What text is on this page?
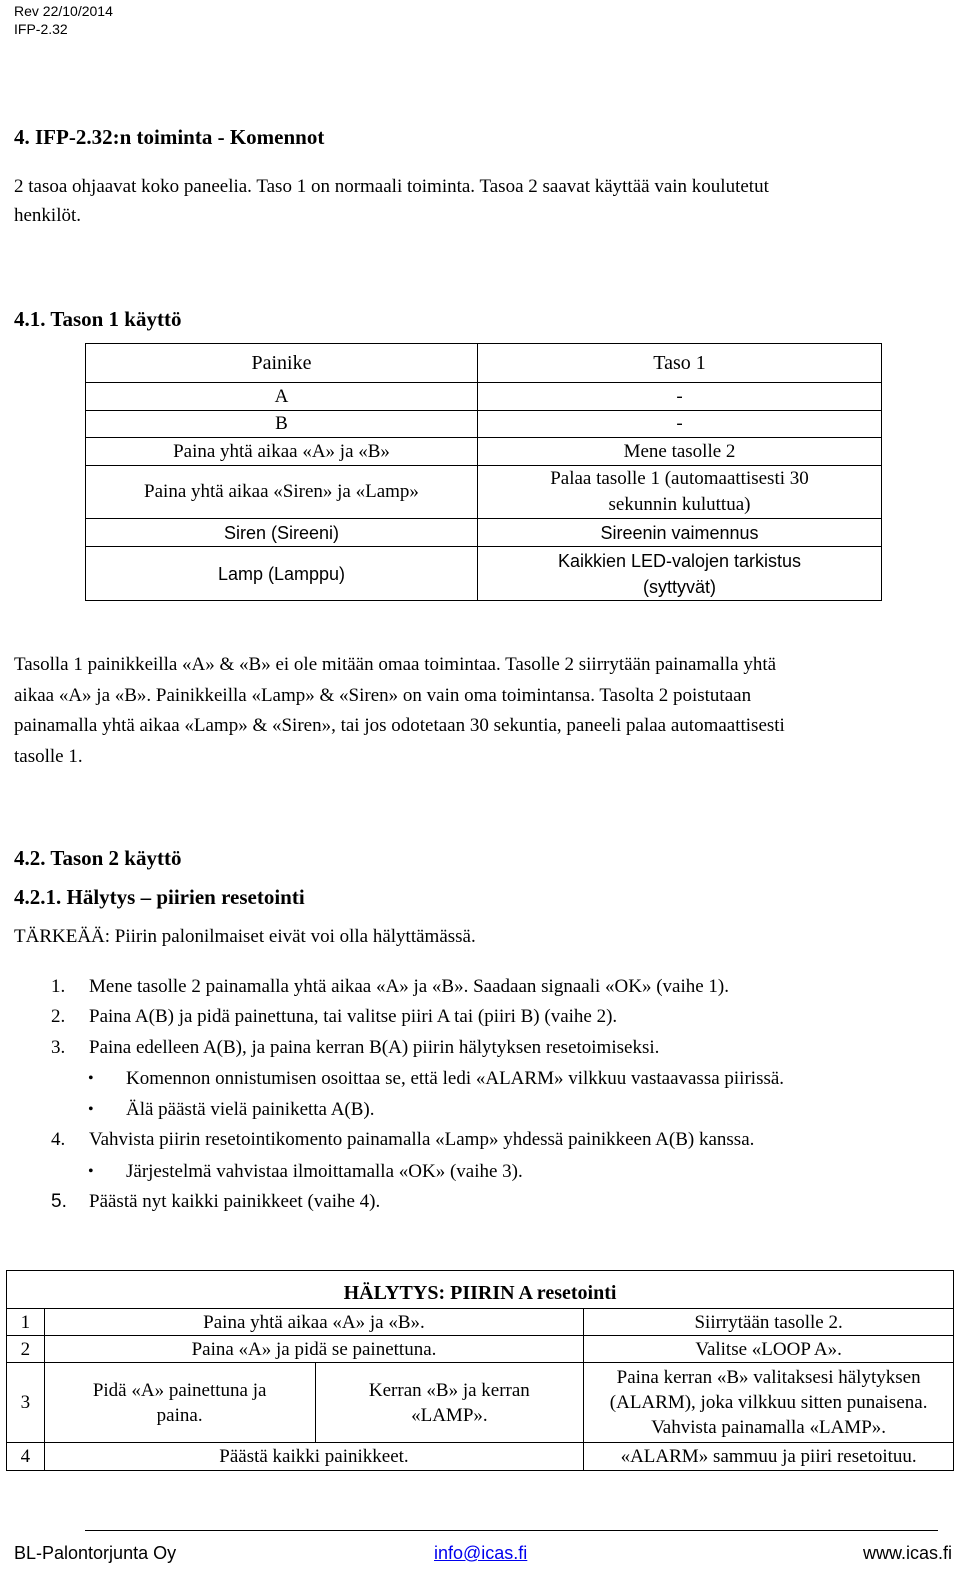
Rev 22/10/2014
IFP-2.32
4. IFP-2.32:n toiminta - Komennot
2 tasoa ohjaavat koko paneelia. Taso 1 on normaali toiminta. Tasoa 2 saavat käyttää vain koulutetut
henkilöt.
4.1. Tason 1 käyttö
Painike	Taso 1
A	-
B	-
Paina yhtä aikaa «A» ja «B»	Mene tasolle 2
Paina yhtä aikaa «Siren» ja «Lamp»	Palaa tasolle 1 (automaattisesti 30
sekunnin kuluttua)

Siren (Sireeni)	Sireenin vaimennus
Lamp (Lamppu)	Kaikkien LED-valojen tarkistus
(syttyvät)
Tasolla 1 painikkeilla «A» & «B» ei ole mitään omaa toimintaa. Tasolle 2 siirrytään painamalla yhtä
aikaa «A» ja «B». Painikkeilla «Lamp» & «Siren» on vain oma toimintansa. Tasolta 2 poistutaan
painamalla yhtä aikaa «Lamp» & «Siren», tai jos odotetaan 30 sekuntia, paneeli palaa automaattisesti
tasolle 1.
4.2. Tason 2 käyttö
4.2.1. Hälytys – piirien resetointi
TÄRKEÄÄ: Piirin palonilmaiset eivät voi olla hälyttämässä.
1.	Mene tasolle 2 painamalla yhtä aikaa «A» ja «B». Saadaan signaali «OK» (vaihe 1).
2.	Paina A(B) ja pidä painettuna, tai valitse piiri A tai (piiri B) (vaihe 2).
3.	Paina edelleen A(B), ja paina kerran B(A) piirin hälytyksen resetoimiseksi.
• Komennon onnistumisen osoittaa se, että ledi «ALARM» vilkkuu vastaavassa piirissä.
• Älä päästä vielä painiketta A(B).
4.	Vahvista piirin resetointikomento painamalla «Lamp» yhdessä painikkeen A(B) kanssa.
• Järjestelmä vahvistaa ilmoittamalla «OK» (vaihe 3).
5.	Päästä nyt kaikki painikkeet (vaihe 4).
HÄLYTYS: PIIRIN A resetointi			
1	Paina yhtä aikaa «A» ja «B».		Siirrytään tasolle 2.
2	Paina «A» ja pidä se painettuna.		Valitse «LOOP A».
3	Pidä «A» painettuna ja paina.	Kerran «B» ja kerran «LAMP».	Paina kerran «B» valitaksesi hälytyksen (ALARM), joka vilkkuu sitten punaisena. Vahvista painamalla «LAMP».
4	Päästä kaikki painikkeet.		«ALARM» sammuu ja piiri resetoituu.
BL-Palontorjunta Oy	info@icas.fi	www.icas.fi
